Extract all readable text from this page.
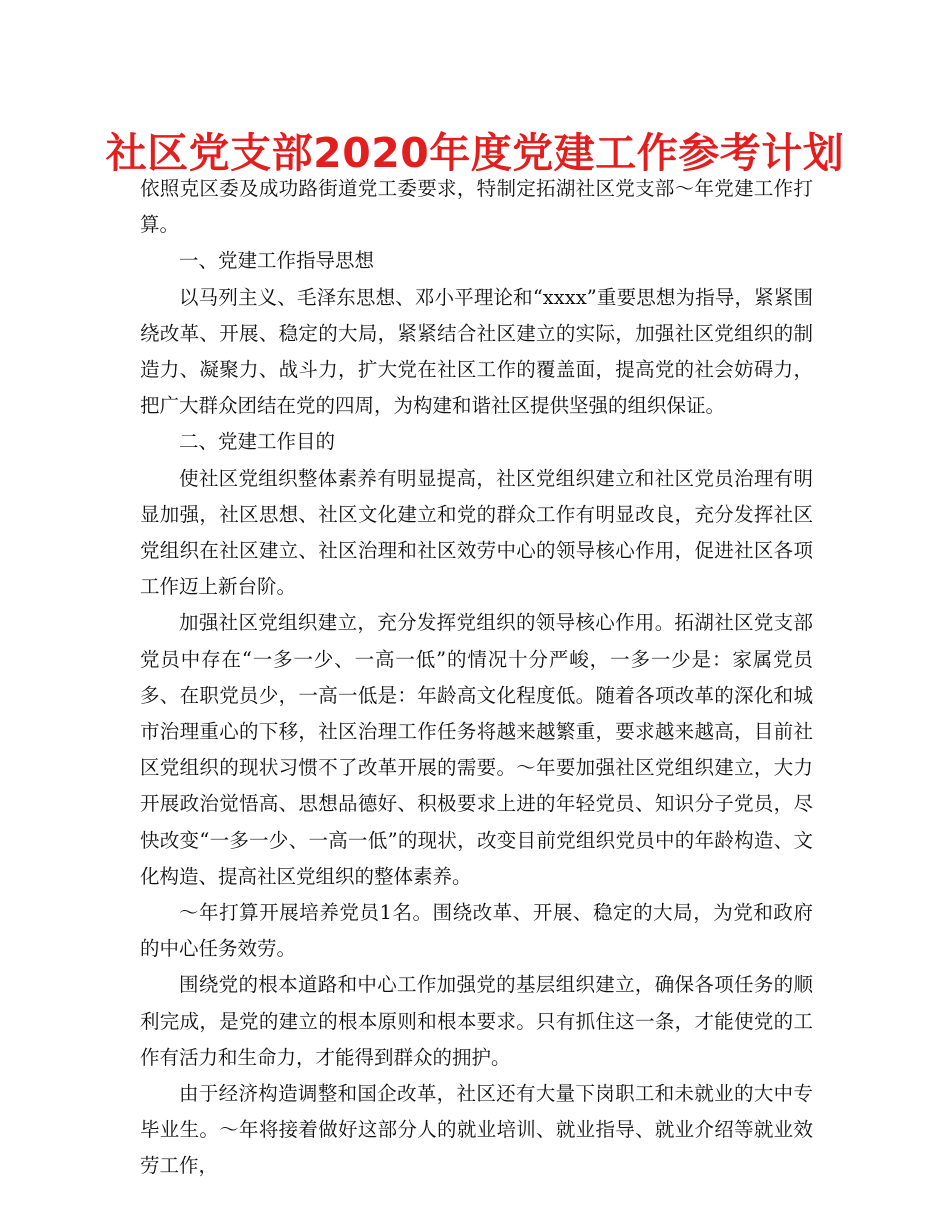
社区党支部2020年度党建工作参考计划

依照克区委及成功路街道党工委要求，特制定拓湖社区党支部～年党建工作打算。

一、党建工作指导思想

以马列主义、毛泽东思想、邓小平理论和“xxxx”重要思想为指导，紧紧围绕改革、开展、稳定的大局，紧紧结合社区建立的实际，加强社区党组织的制造力、凝聚力、战斗力，扩大党在社区工作的覆盖面，提高党的社会妨碍力，把广大群众团结在党的四周，为构建和谐社区提供坚强的组织保证。

二、党建工作目的

使社区党组织整体素养有明显提高，社区党组织建立和社区党员治理有明显加强，社区思想、社区文化建立和党的群众工作有明显改良，充分发挥社区党组织在社区建立、社区治理和社区效劳中心的领导核心作用，促进社区各项工作迈上新台阶。

加强社区党组织建立，充分发挥党组织的领导核心作用。拓湖社区党支部党员中存在“一多一少、一高一低”的情况十分严峻，一多一少是：家属党员多、在职党员少，一高一低是：年龄高文化程度低。随着各项改革的深化和城市治理重心的下移，社区治理工作任务将越来越繁重，要求越来越高，目前社区党组织的现状习惯不了改革开展的需要。～年要加强社区党组织建立，大力开展政治觉悟高、思想品德好、积极要求上进的年轻党员、知识分子党员，尽快改变“一多一少、一高一低”的现状，改变目前党组织党员中的年龄构造、文化构造、提高社区党组织的整体素养。

～年打算开展培养党员1名。围绕改革、开展、稳定的大局，为党和政府的中心任务效劳。

围绕党的根本道路和中心工作加强党的基层组织建立，确保各项任务的顺利完成，是党的建立的根本原则和根本要求。只有抓住这一条，才能使党的工作有活力和生命力，才能得到群众的拥护。

由于经济构造调整和国企改革，社区还有大量下岗职工和未就业的大中专毕业生。～年将接着做好这部分人的就业培训、就业指导、就业介绍等就业效劳工作，
